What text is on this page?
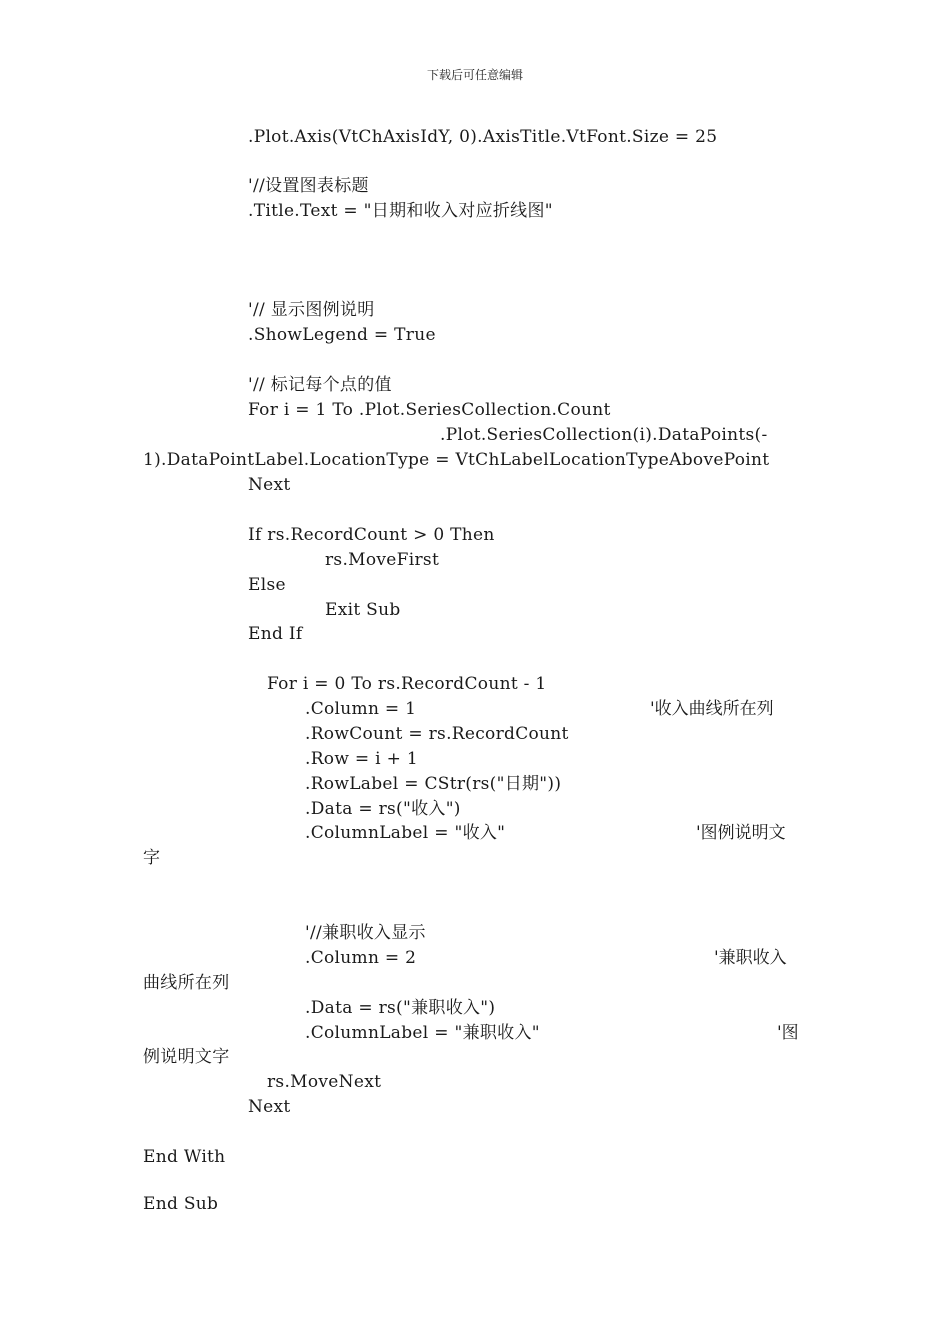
下载后可任意编辑
.Plot.Axis(VtChAxisIdY, 0).AxisTitle.VtFont.Size = 25
'//设置图表标题
.Title.Text = "日期和收入对应折线图"
'// 显示图例说明
.ShowLegend = True
'// 标记每个点的值
For i = 1 To .Plot.SeriesCollection.Count
.Plot.SeriesCollection(i).DataPoints(-
1).DataPointLabel.LocationType = VtChLabelLocationTypeAbovePoint
Next
If rs.RecordCount > 0 Then
rs.MoveFirst
Else
Exit Sub
End If
For i = 0 To rs.RecordCount - 1
.Column = 1	'收入曲线所在列
.RowCount = rs.RecordCount
.Row = i + 1
.RowLabel = CStr(rs("日期"))
.Data = rs("收入")
.ColumnLabel = "收入"	'图例说明文
字
'//兼职收入显示
.Column = 2	'兼职收入
曲线所在列
.Data = rs("兼职收入")
.ColumnLabel = "兼职收入"	'图
例说明文字
rs.MoveNext
Next
End With
End Sub
